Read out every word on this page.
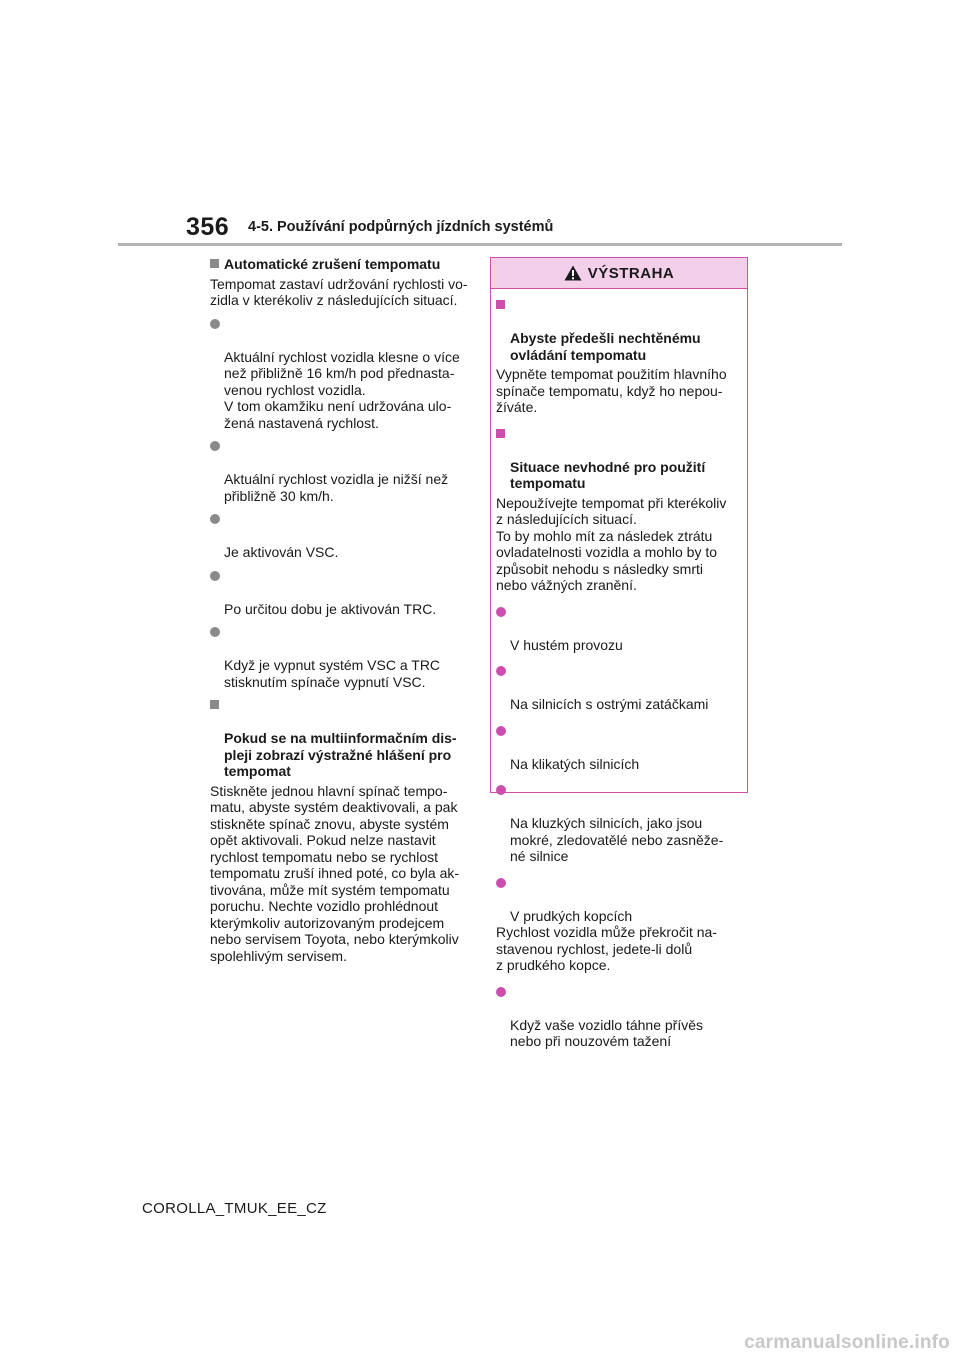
356 4-5. Používání podpůrných jízdních systémů
Automatické zrušení tempomatu
Tempomat zastaví udržování rychlosti vo-
zidla v kterékoliv z následujících situací.

Aktuální rychlost vozidla klesne o více
než přibližně 16 km/h pod přednasta-
venou rychlost vozidla.
V tom okamžiku není udržována ulo-
žená nastavená rychlost.

Aktuální rychlost vozidla je nižší než
přibližně 30 km/h.

Je aktivován VSC.

Po určitou dobu je aktivován TRC.

Když je vypnut systém VSC a TRC
stisknutím spínače vypnutí VSC.

Pokud se na multiinformačním dis-
pleji zobrazí výstražné hlášení pro
tempomat

Stiskněte jednou hlavní spínač tempo-
matu, abyste systém deaktivovali, a pak
stiskněte spínač znovu, abyste systém
opět aktivovali. Pokud nelze nastavit
rychlost tempomatu nebo se rychlost
tempomatu zruší ihned poté, co byla ak-
tivována, může mít systém tempomatu
poruchu. Nechte vozidlo prohlédnout
kterýmkoliv autorizovaným prodejcem
nebo servisem Toyota, nebo kterýmkoliv
spolehlivým servisem.
VÝSTRAHA

Abyste předešli nechtěnému
ovládání tempomatu

Vypněte tempomat použitím hlavního
spínače tempomatu, když ho nepou-
žíváte.

Situace nevhodné pro použití
tempomatu

Nepoužívejte tempomat při kterékoliv
z následujících situací.
To by mohlo mít za následek ztrátu
ovladatelnosti vozidla a mohlo by to
způsobit nehodu s následky smrti
nebo vážných zranění.

V hustém provozu

Na silnicích s ostrými zatáčkami

Na klikatých silnicích

Na kluzkých silnicích, jako jsou
mokré, zledovatělé nebo zasněže-
né silnice

V prudkých kopcích

Rychlost vozidla může překročit na-
stavenou rychlost, jedete-li dolů
z prudkého kopce.

Když vaše vozidlo táhne přívěs
nebo při nouzovém tažení

COROLLA_TMUK_EE_CZ
carmanualsonline.info
